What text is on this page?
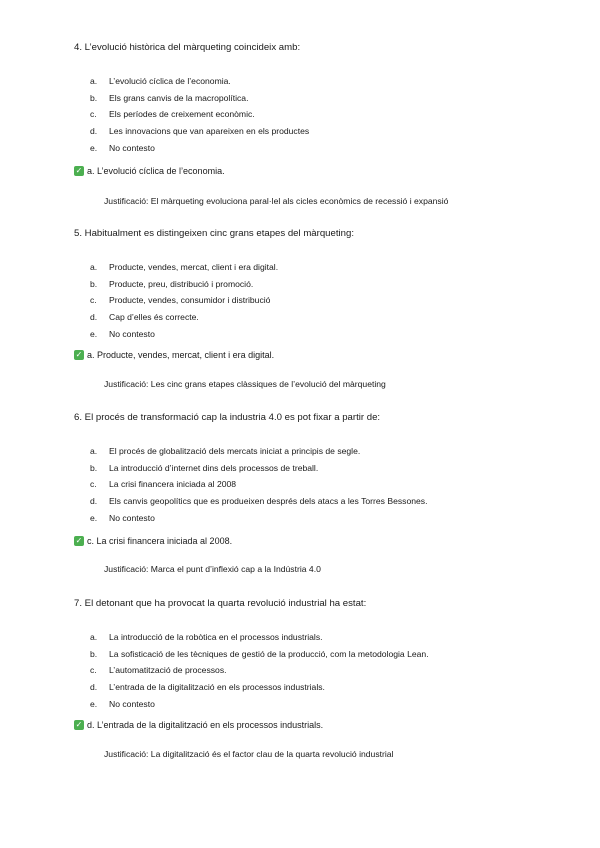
4. L’evolució històrica del màrqueting coincideix amb:

a.	L’evolució cíclica de l’economia.
b.	Els grans canvis de la macropolítica.
c.	Els períodes de creixement econòmic.
d.	Les innovacions que van apareixen en els productes
e.	No contesto
✓ a. L’evolució cíclica de l’economia.
Justificació: El màrqueting evoluciona paral·lel als cicles econòmics de recessió i expansió

5. Habitualment es distingeixen cinc grans etapes del màrqueting:

a.	Producte, vendes, mercat, client i era digital.
b.	Producte, preu, distribució i promoció.
c.	Producte, vendes, consumidor i distribució
d.	Cap d’elles és correcte.
e.	No contesto
✓ a. Producte, vendes, mercat, client i era digital.
Justificació: Les cinc grans etapes clàssiques de l’evolució del màrqueting

6. El procés de transformació cap la industria 4.0 es pot fixar a partir de:

a.	El procés de globalització dels mercats iniciat a principis de segle.
b.	La introducció d’internet dins dels processos de treball.
c.	La crisi financera iniciada al 2008
d.	Els canvis geopolítics que es produeixen després dels atacs a les Torres Bessones.
e.	No contesto
✓ c. La crisi financera iniciada al 2008.
Justificació: Marca el punt d’inflexió cap a la Indústria 4.0

7. El detonant que ha provocat la quarta revolució industrial ha estat:

a.	La introducció de la robòtica en el processos industrials.
b.	La sofisticació de les tècniques de gestió de la producció, com la metodologia Lean.
c.	L’automatització de processos.
d.	L’entrada de la digitalització en els processos industrials.
e.	No contesto
✓ d. L’entrada de la digitalització en els processos industrials.
Justificació: La digitalització és el factor clau de la quarta revolució industrial
